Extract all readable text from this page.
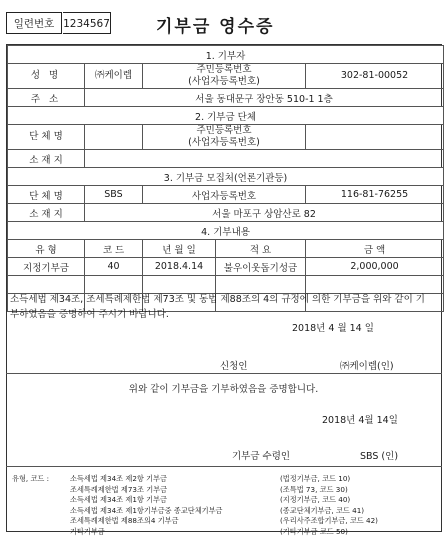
일련번호 1234567	기부금 영수증
1. 기부자				
성 명	㈜케이렙	주민등록번호
(사업자등록번호)		302-81-00052
주 소	서울 동대문구 장안동 510-1 1층			
2. 기부금 단체				
단 체 명		주민등록번호
(사업자등록번호)		

소 재 지				
3. 기부금 모집처(언론기관등)				
단 체 명	SBS	사업자등록번호		116-81-76255
소 재 지	서울 마포구 상암산로 82			
4. 기부내용				
유 형	코 드	년 월 일	적 요	금 액
지정기부금	40	2018.4.14	불우이웃돕기성금	2,000,000

소득세법 제34조, 조세특례제한법 제73조 및 동법 제88조의 4의 규정에 의한 기부금을 위와 같이 기부하였음을 증명하여 주시기 바랍니다.
2018년 4 월 14 일
신청인	㈜케이렙(인)
위와 같이 기부금을 기부하였음을 증명합니다.
2018년 4월 14일
기부금 수령인	SBS (인)
유형, 코드 :	소득세법 제34조 제2항 기부금	(법정기부금, 코드 10)
조세특례제한법 제73조 기부금	(조특법 73, 코드 30)
소득세법 제34조 제1항 기부금	(지정기부금, 코드 40)
소득세법 제34조 제1항기부금중 종교단체기부금	(종교단체기부금, 코드 41)
조세특례제한법 제88조의4 기부금	(우리사주조합기부금, 코드 42)
기타기부금	(기타기부금 코드 50)
